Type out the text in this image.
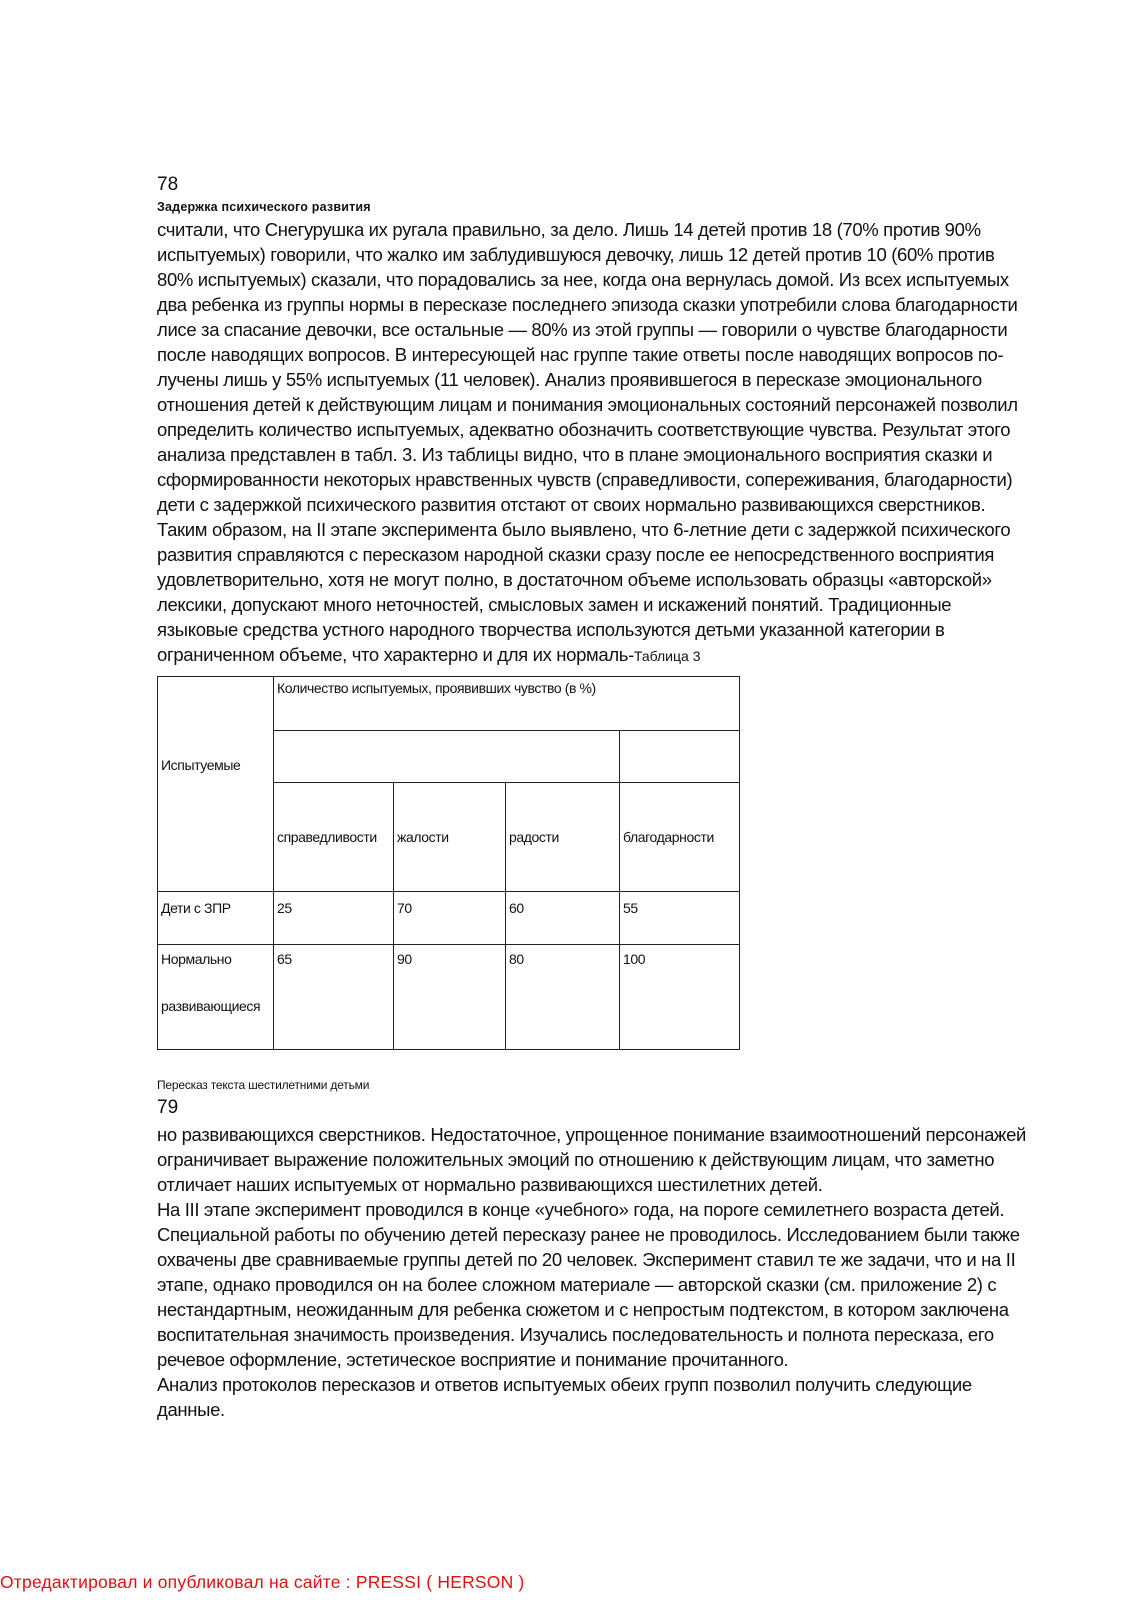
78
Задержка психического развития
считали, что Снегурушка их ругала правильно, за дело. Лишь 14 детей против 18 (70% против 90%
испытуемых) говорили, что жалко им заблудившуюся девочку, лишь 12 детей против 10 (60% против
80% испытуемых) сказали, что порадовались за нее, когда она вернулась домой. Из всех испытуемых
два ребенка из группы нормы в пересказе последнего эпизода сказки употребили слова благодарности
лисе за спасание девочки, все остальные — 80% из этой группы — говорили о чувстве благодарности
после наводящих вопросов. В интересующей нас группе такие ответы после наводящих вопросов по-
лучены лишь у 55% испытуемых (11 человек). Анализ проявившегося в пересказе эмоционального
отношения детей к действующим лицам и понимания эмоциональных состояний персонажей позволил
определить количество испытуемых, адекватно обозначить соответствующие чувства. Результат этого
анализа представлен в табл. 3. Из таблицы видно, что в плане эмоционального восприятия сказки и
сформированности некоторых нравственных чувств (справедливости, сопереживания, благодарности)
дети с задержкой психического развития отстают от своих нормально развивающихся сверстников.
Таким образом, на II этапе эксперимента было выявлено, что 6-летние дети с задержкой психического
развития справляются с пересказом народной сказки сразу после ее непосредственного восприятия
удовлетворительно, хотя не могут полно, в достаточном объеме использовать образцы «авторской»
лексики, допускают много неточностей, смысловых замен и искажений понятий. Традиционные
языковые средства устного народного творчества используются детьми указанной категории в
ограниченном объеме, что характерно и для их нормаль-Таблица 3
Испытуемые	Количество испытуемых, проявивших чувство (в %)			

	справедливости	жалости	радости	благодарности
Дети с ЗПР	25	70	60	55

Нормально
развивающиеся	65	90	80	100
Пересказ текста шестилетними детьми
79
но развивающихся сверстников. Недостаточное, упрощенное понимание взаимоотношений персонажей
ограничивает выражение положительных эмоций по отношению к действующим лицам, что заметно
отличает наших испытуемых от нормально развивающихся шестилетних детей.
На III этапе эксперимент проводился в конце «учебного» года, на пороге семилетнего возраста детей.
Специальной работы по обучению детей пересказу ранее не проводилось. Исследованием были также
охвачены две сравниваемые группы детей по 20 человек. Эксперимент ставил те же задачи, что и на II
этапе, однако проводился он на более сложном материале — авторской сказки (см. приложение 2) с
нестандартным, неожиданным для ребенка сюжетом и с непростым подтекстом, в котором заключена
воспитательная значимость произведения. Изучались последовательность и полнота пересказа, его
речевое оформление, эстетическое восприятие и понимание прочитанного.
Анализ протоколов пересказов и ответов испытуемых обеих групп позволил получить следующие
данные.
Отредактировал и опубликовал на сайте : PRESSI ( HERSON )
